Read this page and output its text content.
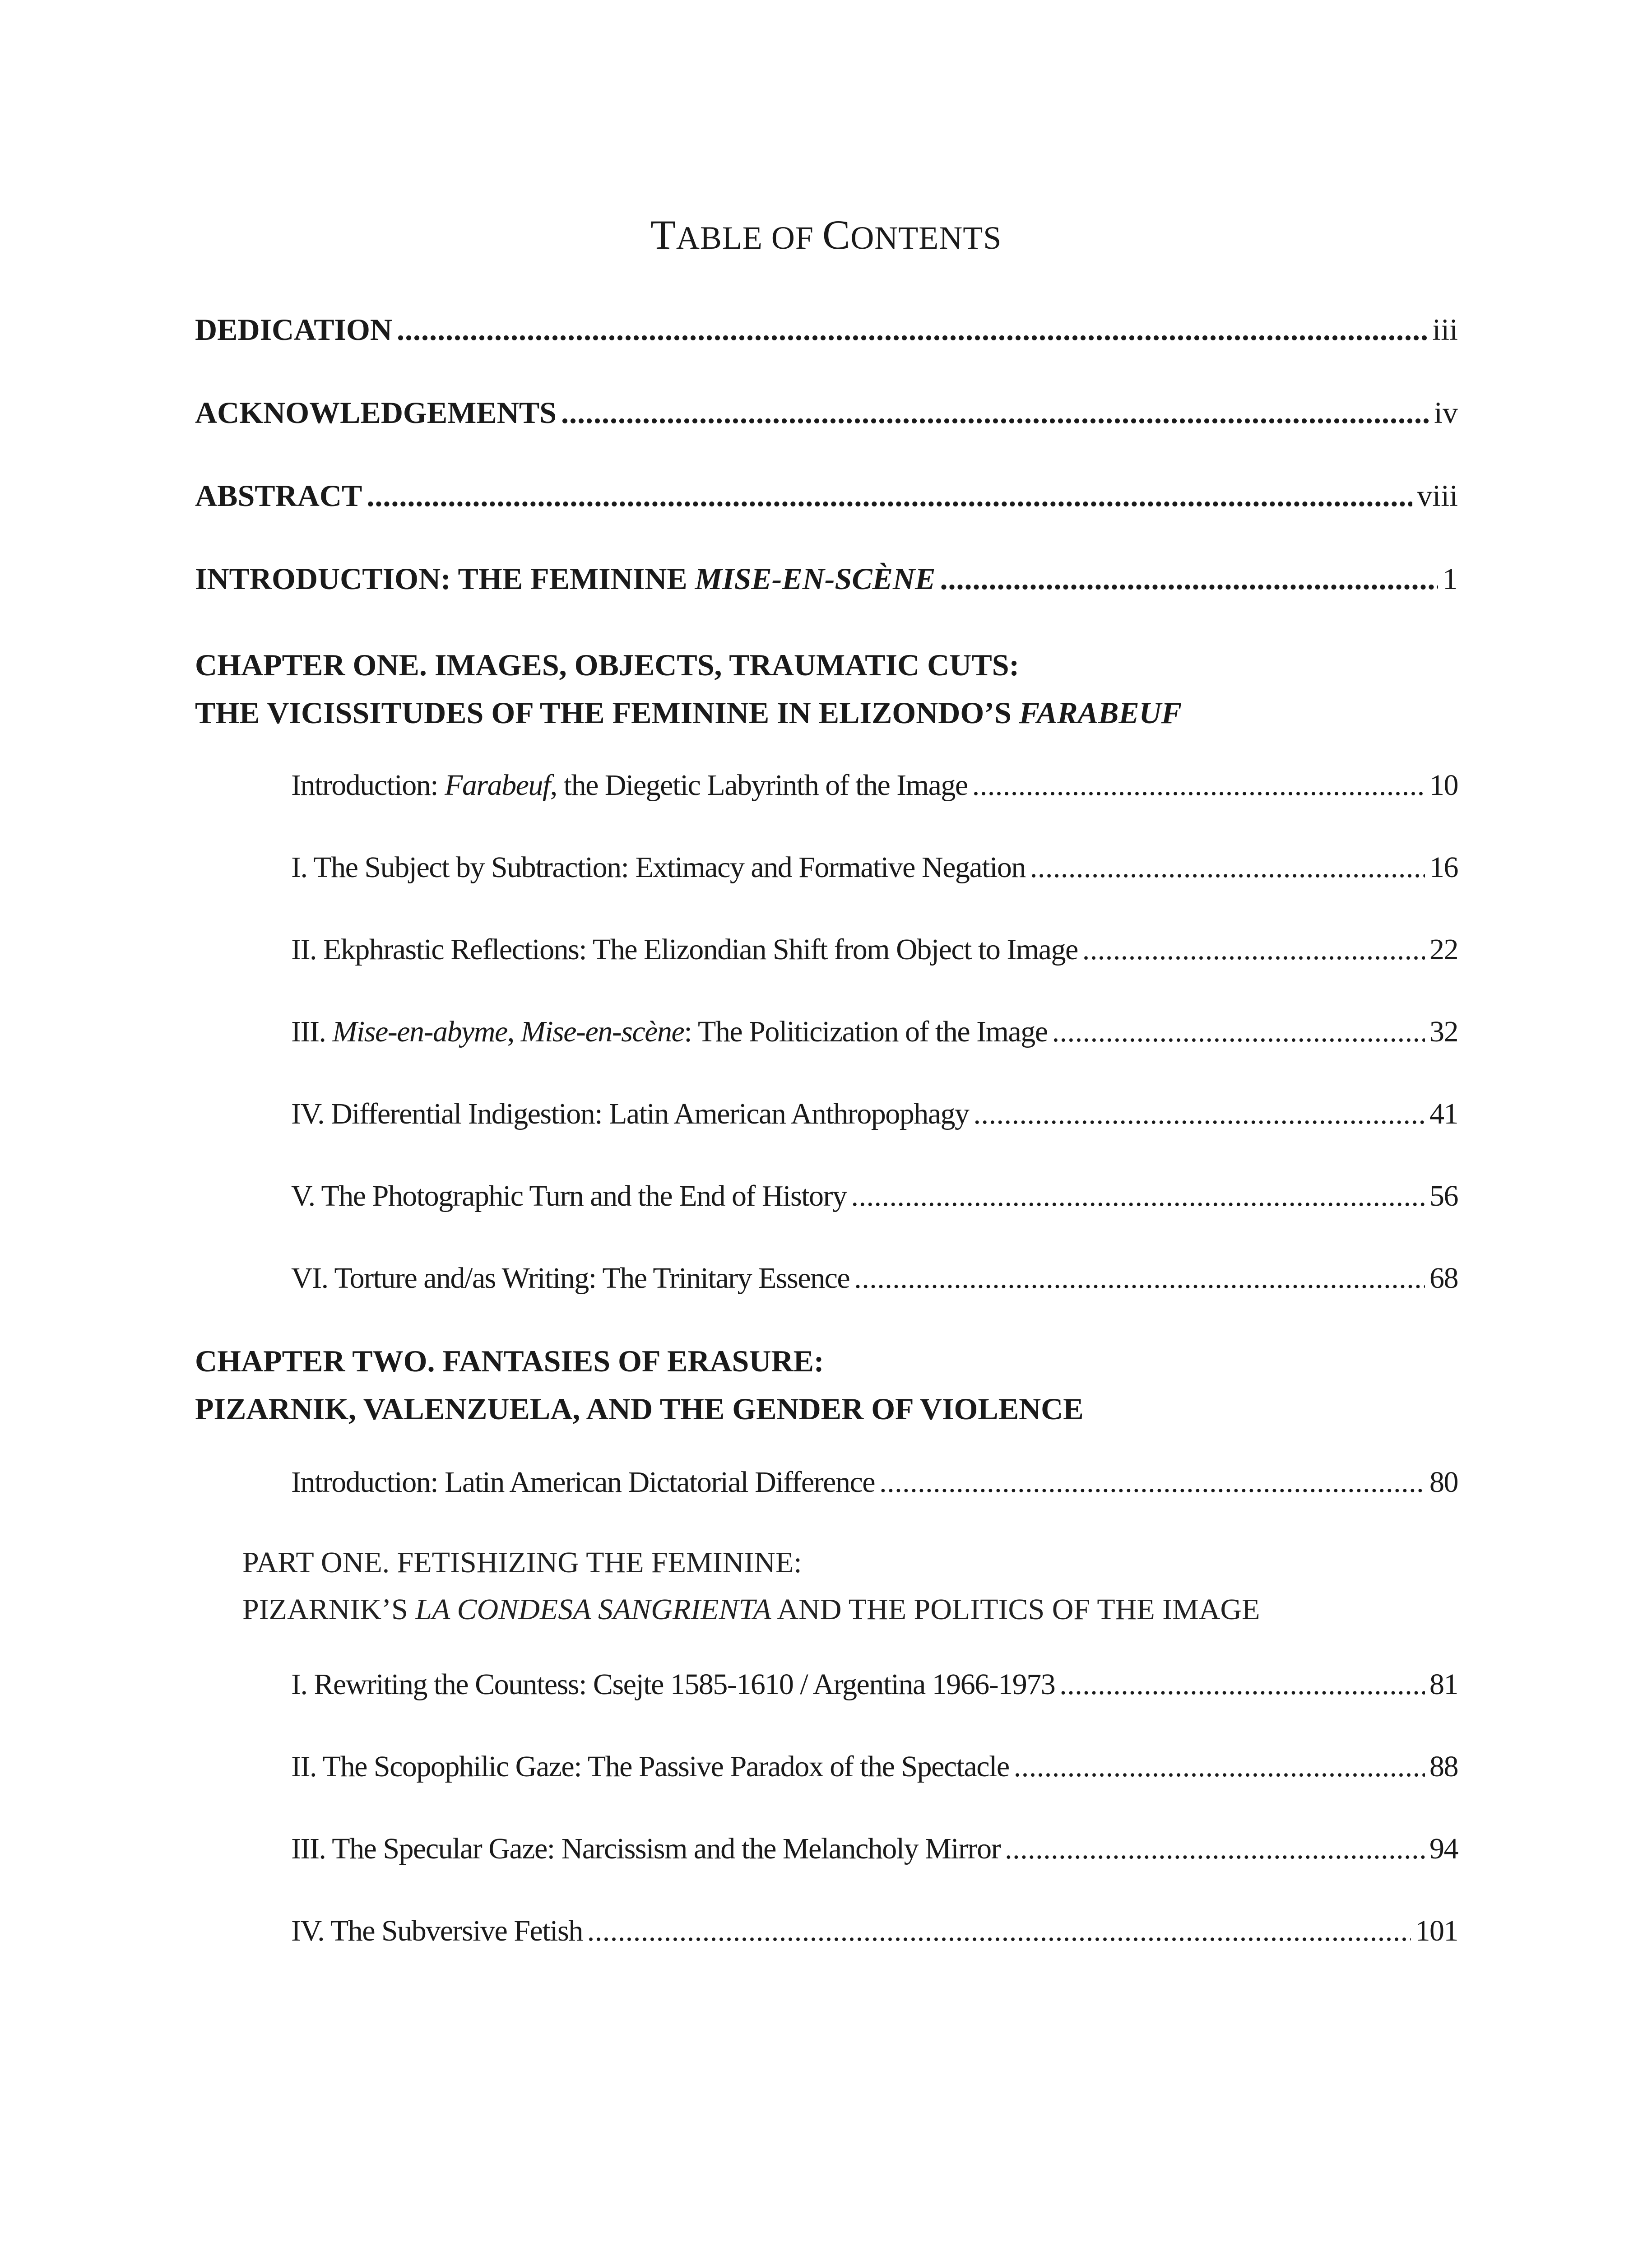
TABLE OF CONTENTS
DEDICATION . . .	iii
ACKNOWLEDGEMENTS . . .	iv
ABSTRACT . . .	viii
INTRODUCTION: THE FEMININE MISE-EN-SCÈNE . . .	1
CHAPTER ONE. IMAGES, OBJECTS, TRAUMATIC CUTS:
THE VICISSITUDES OF THE FEMININE IN ELIZONDO’S FARABEUF
Introduction: Farabeuf, the Diegetic Labyrinth of the Image . . .	10
I. The Subject by Subtraction: Extimacy and Formative Negation . . .	16
II. Ekphrastic Reflections: The Elizondian Shift from Object to Image . . .	22
III. Mise-en-abyme, Mise-en-scène: The Politicization of the Image . . .	32
IV. Differential Indigestion: Latin American Anthropophagy . . .	41
V. The Photographic Turn and the End of History . . .	56
VI. Torture and/as Writing: The Trinitary Essence . . .	68
CHAPTER TWO. FANTASIES OF ERASURE:
PIZARNIK, VALENZUELA, AND THE GENDER OF VIOLENCE
Introduction: Latin American Dictatorial Difference . . .	80
PART ONE. FETISHIZING THE FEMININE:
PIZARNIK’S LA CONDESA SANGRIENTA AND THE POLITICS OF THE IMAGE
I. Rewriting the Countess: Csejte 1585-1610 / Argentina 1966-1973 . . .	81
II. The Scopophilic Gaze: The Passive Paradox of the Spectacle . . .	88
III. The Specular Gaze: Narcissism and the Melancholy Mirror . . .	94
IV. The Subversive Fetish . . .	101
